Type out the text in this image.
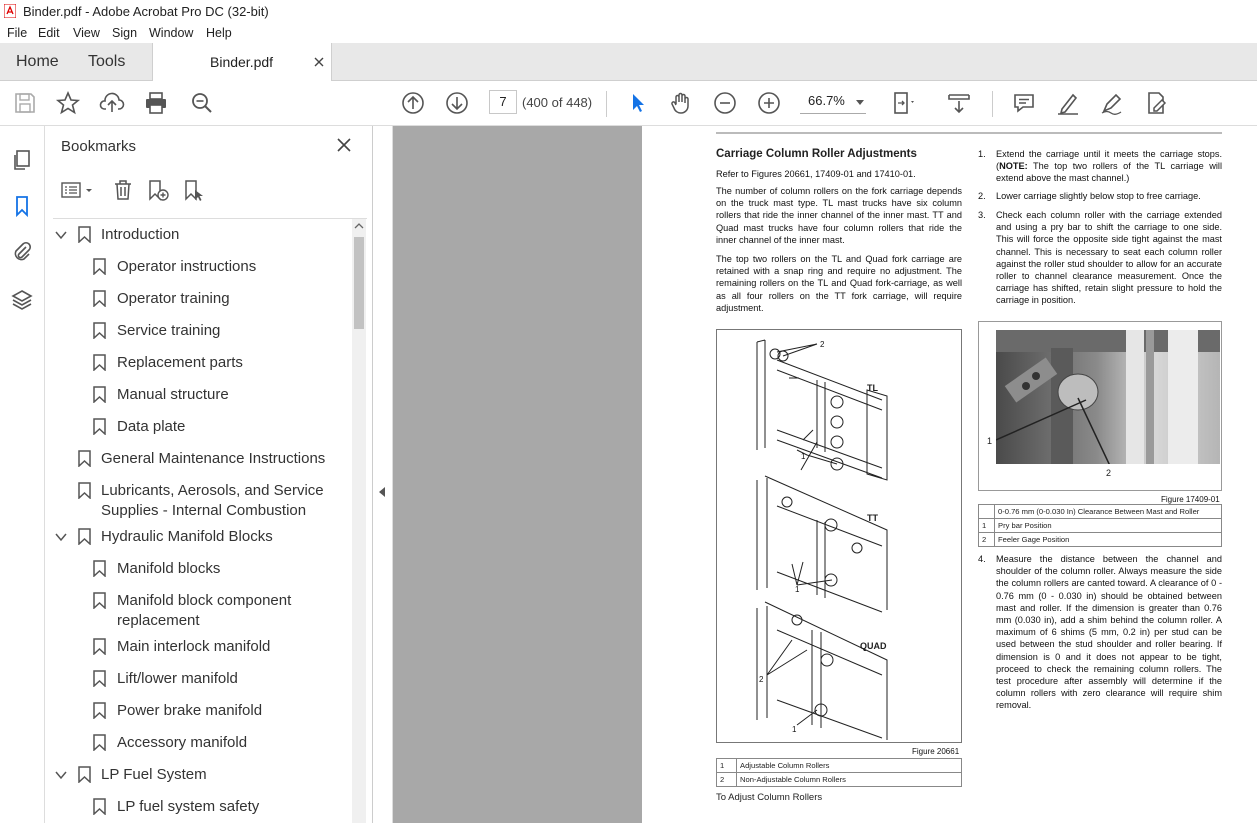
Binder.pdf - Adobe Acrobat Pro DC (32-bit)
File Edit View Sign Window Help
Home Tools	Binder.pdf
7	(400 of 448)	66.7%
Bookmarks
Introduction
Operator instructions
Operator training
Service training
Replacement parts
Manual structure
Data plate
General Maintenance Instructions
Lubricants, Aerosols, and Service
Supplies - Internal Combustion
Hydraulic Manifold Blocks
Manifold blocks
Manifold block component
replacement
Main interlock manifold
Lift/lower manifold
Power brake manifold
Accessory manifold
LP Fuel System
LP fuel system safety
Carriage Column Roller Adjustments
Refer to Figures 20661, 17409-01 and 17410-01.
The number of column rollers on the fork carriage depends on the truck mast type. TL mast trucks have six column rollers that ride the inner channel of the inner mast. TT and Quad mast trucks have four column rollers that ride the inner channel of the inner mast.
The top two rollers on the TL and Quad fork carriage are retained with a snap ring and require no adjustment. The remaining rollers on the TL and Quad fork-carriage, as well as all four rollers on the TT fork carriage, will require adjustment.
2
1
1
2
1
TL
TT
QUAD
Figure 20661
1	Adjustable Column Rollers
2	Non-Adjustable Column Rollers
To Adjust Column Rollers
1.	Extend the carriage until it meets the carriage stops. (NOTE: The top two rollers of the TL carriage will extend above the mast channel.)
2.	Lower carriage slightly below stop to free carriage.
3.	Check each column roller with the carriage extended and using a pry bar to shift the carriage to one side. This will force the opposite side tight against the mast channel. This is necessary to seat each column roller against the roller stud shoulder to allow for an accurate roller to channel clearance measurement. Once the carriage has shifted, retain slight pressure to hold the carriage in position.
1
2
Figure 17409-01
	0-0.76 mm (0-0.030 In) Clearance Between Mast and Roller
1	Pry bar Position
2	Feeler Gage Position
4.	Measure the distance between the channel and shoulder of the column roller. Always measure the side the column rollers are canted toward. A clearance of 0 - 0.76 mm (0 - 0.030 in) should be obtained between mast and roller. If the dimension is greater than 0.76 mm (0.030 in), add a shim behind the column roller. A maximum of 6 shims (5 mm, 0.2 in) per stud can be used between the stud shoulder and roller bearing. If dimension is 0 and it does not appear to be tight, proceed to check the remaining column rollers. The test procedure after assembly will determine if the column rollers with zero clearance will require shim removal.
